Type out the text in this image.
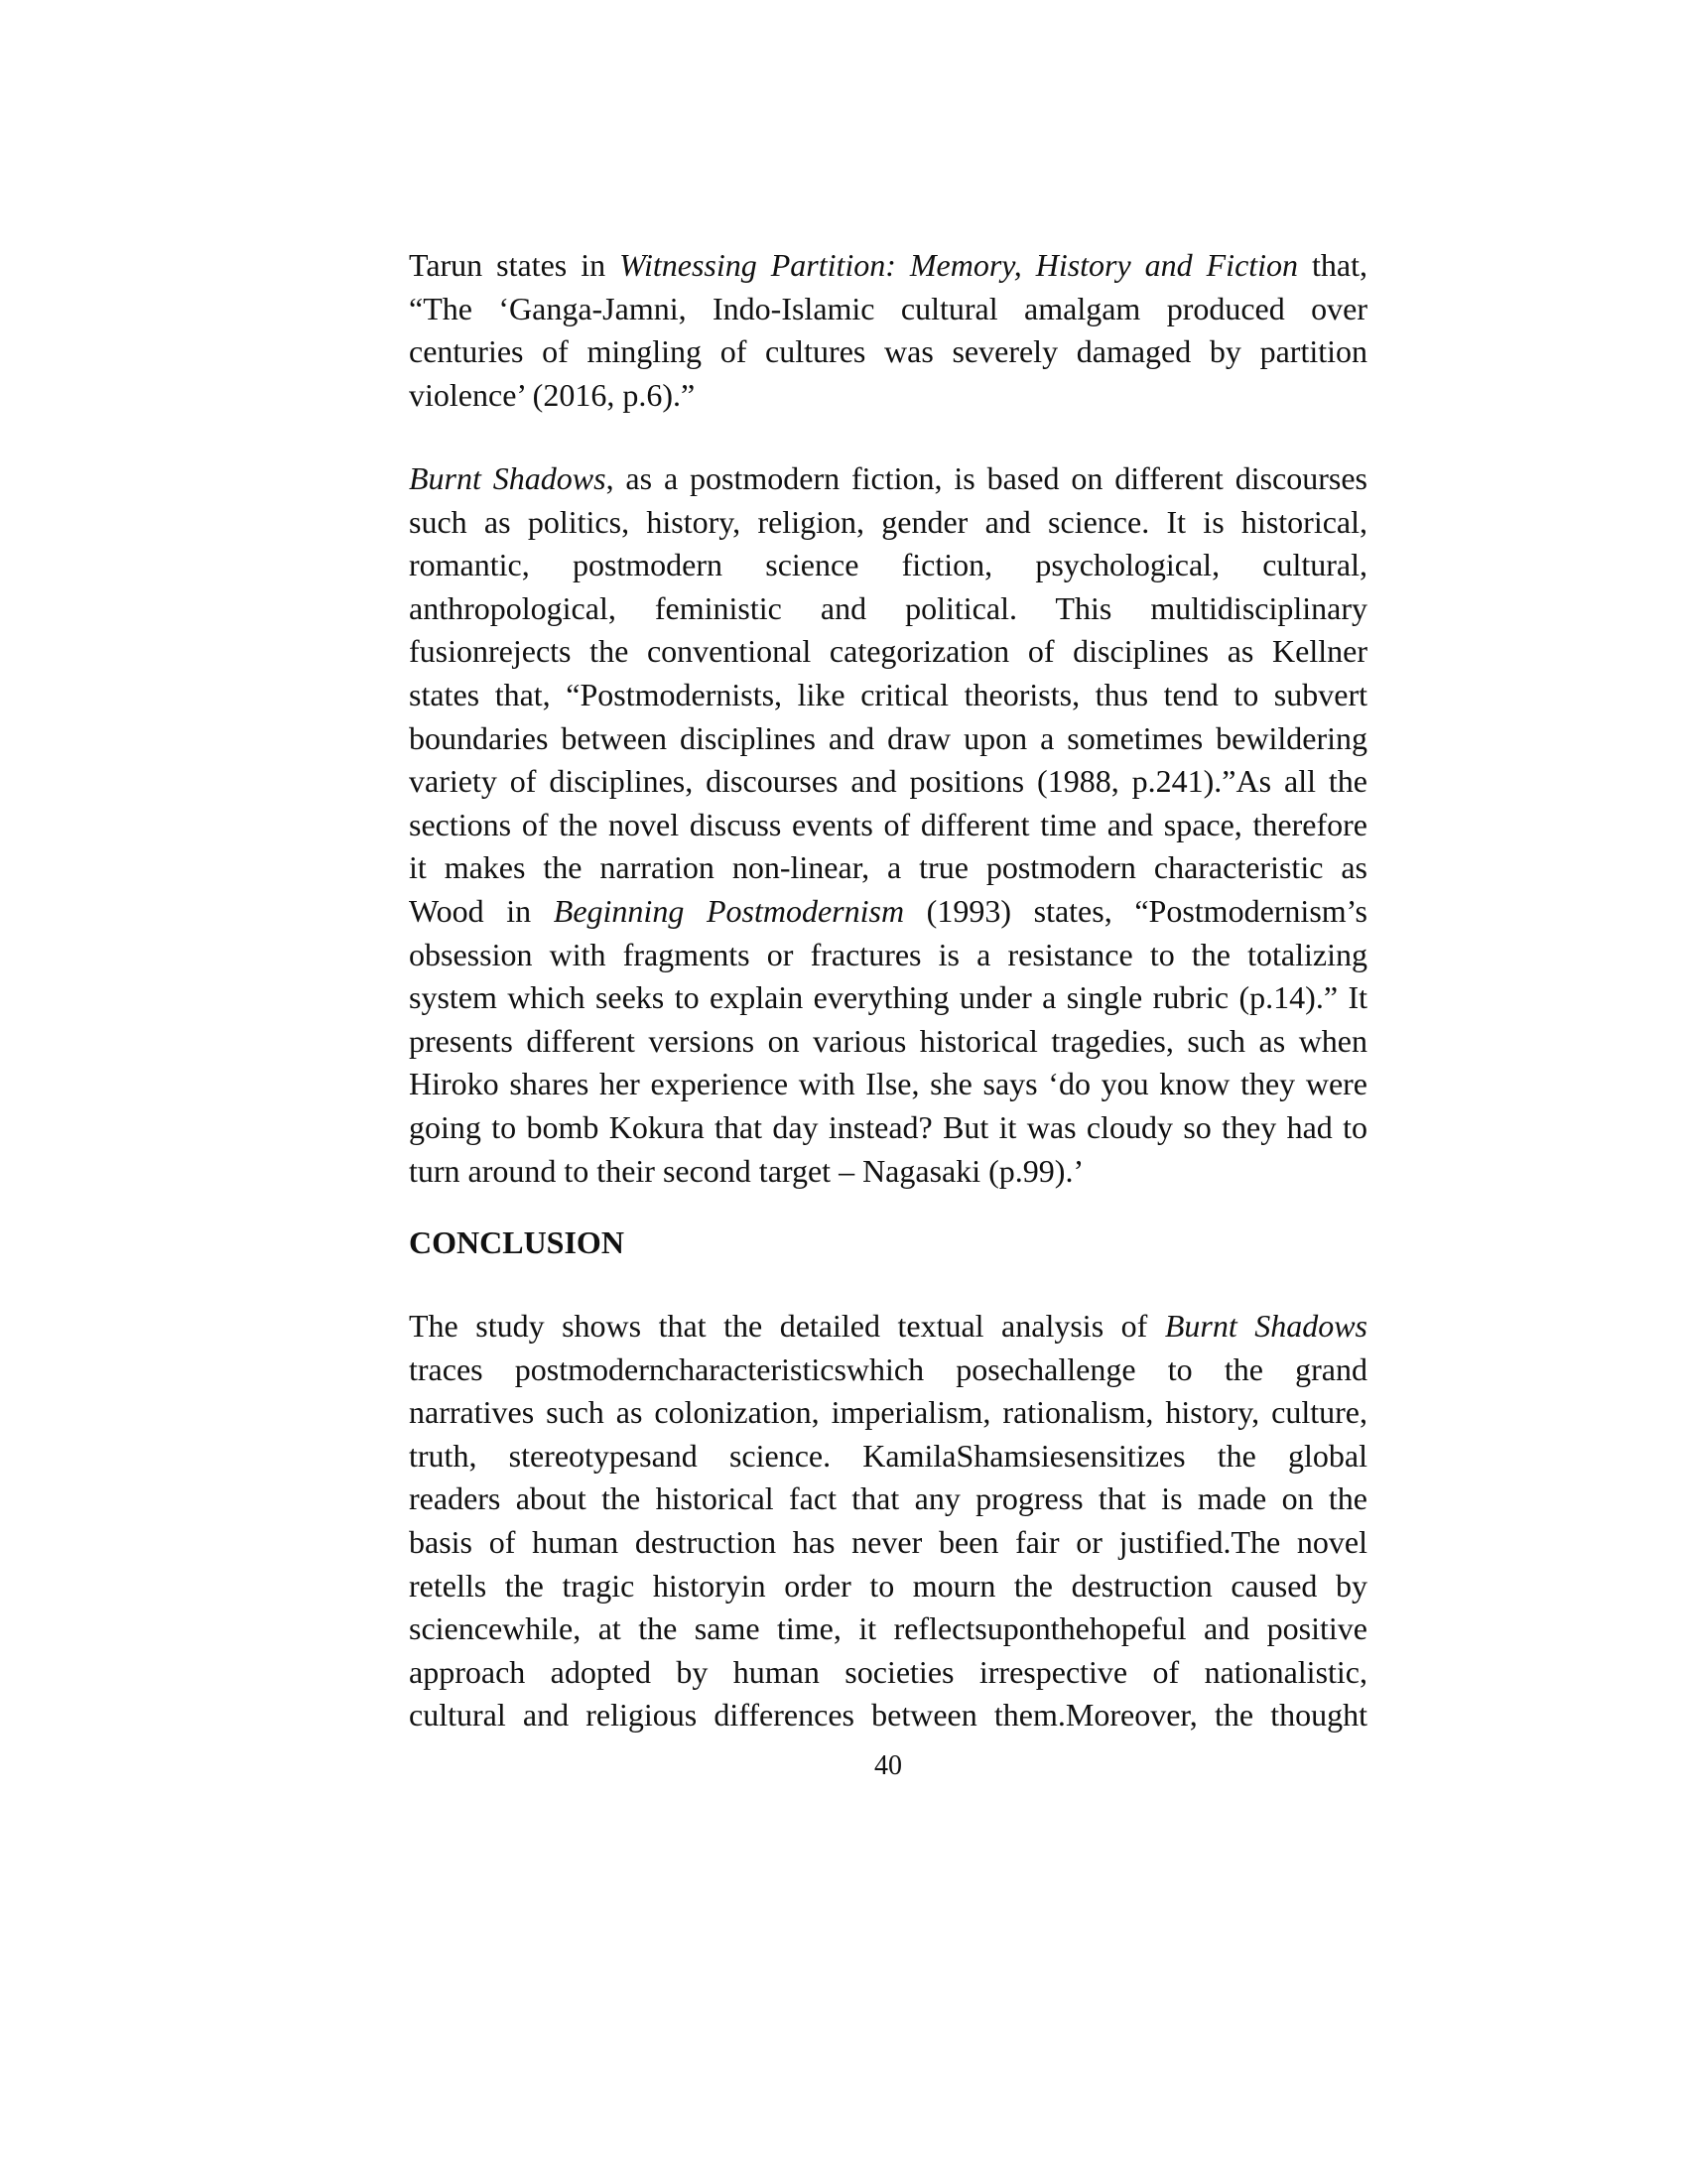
Tarun states in Witnessing Partition: Memory, History and Fiction that,
“The ‘Ganga-Jamni, Indo-Islamic cultural amalgam produced over
centuries of mingling of cultures was severely damaged by partition
violence’ (2016, p.6).”

Burnt Shadows, as a postmodern fiction, is based on different discourses
such as politics, history, religion, gender and science. It is historical,
romantic, postmodern science fiction, psychological, cultural,
anthropological, feministic and political. This multidisciplinary
fusionrejects the conventional categorization of disciplines as Kellner
states that, “Postmodernists, like critical theorists, thus tend to subvert
boundaries between disciplines and draw upon a sometimes bewildering
variety of disciplines, discourses and positions (1988, p.241).”As all the
sections of the novel discuss events of different time and space, therefore
it makes the narration non-linear, a true postmodern characteristic as
Wood in Beginning Postmodernism (1993) states, “Postmodernism’s
obsession with fragments or fractures is a resistance to the totalizing
system which seeks to explain everything under a single rubric (p.14).” It
presents different versions on various historical tragedies, such as when
Hiroko shares her experience with Ilse, she says ‘do you know they were
going to bomb Kokura that day instead? But it was cloudy so they had to
turn around to their second target – Nagasaki (p.99).’

CONCLUSION

The study shows that the detailed textual analysis of Burnt Shadows
traces postmoderncharacteristicswhich posechallenge to the grand
narratives such as colonization, imperialism, rationalism, history, culture,
truth, stereotypesand science. KamilaShamsiesensitizes the global
readers about the historical fact that any progress that is made on the
basis of human destruction has never been fair or justified.The novel
retells the tragic historyin order to mourn the destruction caused by
sciencewhile, at the same time, it reflectsuponthehopeful and positive
approach adopted by human societies irrespective of nationalistic,
cultural and religious differences between them.Moreover, the thought

40
